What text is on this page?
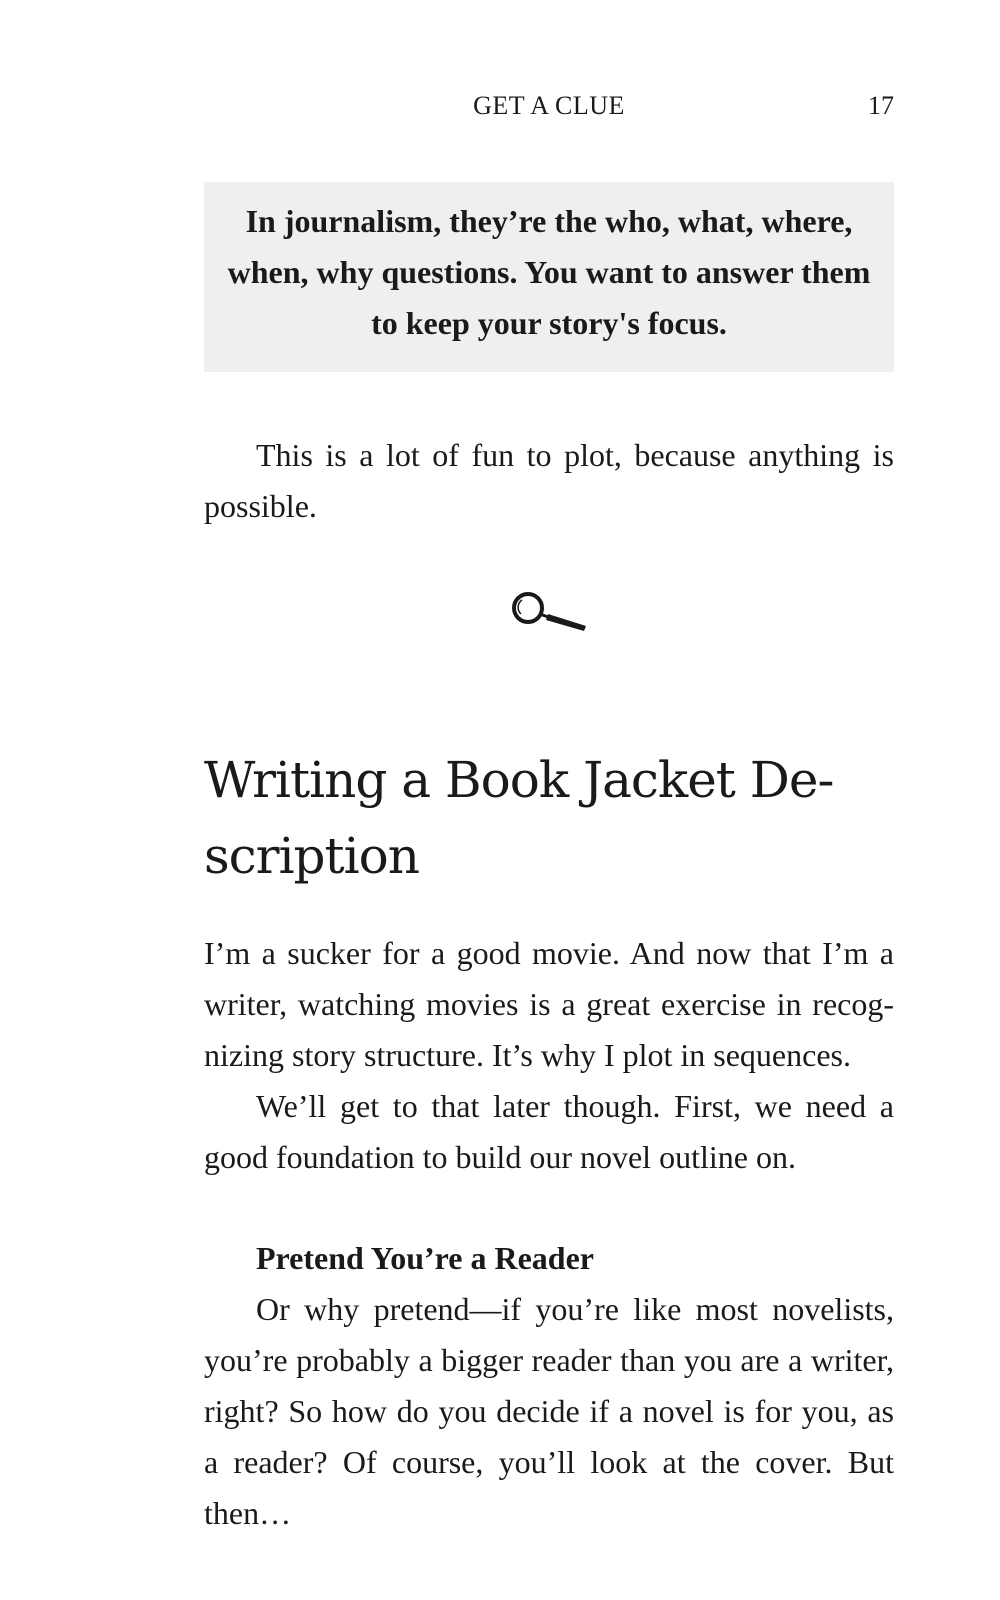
GET A CLUE	17

In journalism, they’re the who, what, where, when, why questions. You want to answer them to keep your story's focus.

This is a lot of fun to plot, because anything is possible.

Writing a Book Jacket Description

I’m a sucker for a good movie. And now that I’m a writer, watching movies is a great exercise in recognizing story structure. It’s why I plot in sequences.

We’ll get to that later though. First, we need a good foundation to build our novel outline on.

Pretend You’re a Reader

Or why pretend—if you’re like most novelists, you’re probably a bigger reader than you are a writer, right? So how do you decide if a novel is for you, as a reader? Of course, you’ll look at the cover. But then…
